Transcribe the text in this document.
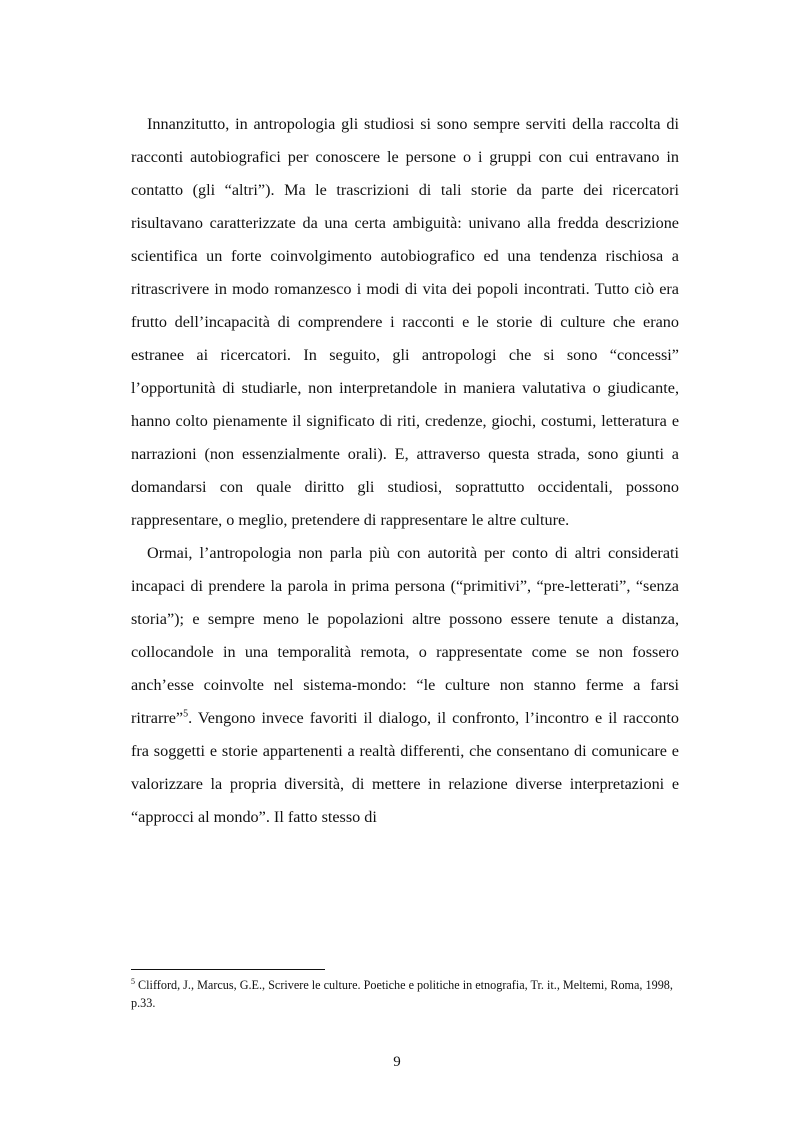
Innanzitutto, in antropologia gli studiosi si sono sempre serviti della raccolta di racconti autobiografici per conoscere le persone o i gruppi con cui entravano in contatto (gli “altri”). Ma le trascrizioni di tali storie da parte dei ricercatori risultavano caratterizzate da una certa ambiguità: univano alla fredda descrizione scientifica un forte coinvolgimento autobiografico ed una tendenza rischiosa a ritrascrivere in modo romanzesco i modi di vita dei popoli incontrati. Tutto ciò era frutto dell’incapacità di comprendere i racconti e le storie di culture che erano estranee ai ricercatori. In seguito, gli antropologi che si sono “concessi” l’opportunità di studiarle, non interpretandole in maniera valutativa o giudicante, hanno colto pienamente il significato di riti, credenze, giochi, costumi, letteratura e narrazioni (non essenzialmente orali). E, attraverso questa strada, sono giunti a domandarsi con quale diritto gli studiosi, soprattutto occidentali, possono rappresentare, o meglio, pretendere di rappresentare le altre culture.

Ormai, l’antropologia non parla più con autorità per conto di altri considerati incapaci di prendere la parola in prima persona (“primitivi”, “pre-letterati”, “senza storia”); e sempre meno le popolazioni altre possono essere tenute a distanza, collocandole in una temporalità remota, o rappresentate come se non fossero anch’esse coinvolte nel sistema-mondo: “le culture non stanno ferme a farsi ritrarre”$^5$. Vengono invece favoriti il dialogo, il confronto, l’incontro e il racconto fra soggetti e storie appartenenti a realtà differenti, che consentano di comunicare e valorizzare la propria diversità, di mettere in relazione diverse interpretazioni e “approcci al mondo”. Il fatto stesso di

$^5$ Clifford, J., Marcus, G.E., Scrivere le culture. Poetiche e politiche in etnografia, Tr. it., Meltemi, Roma, 1998, p.33.

9
